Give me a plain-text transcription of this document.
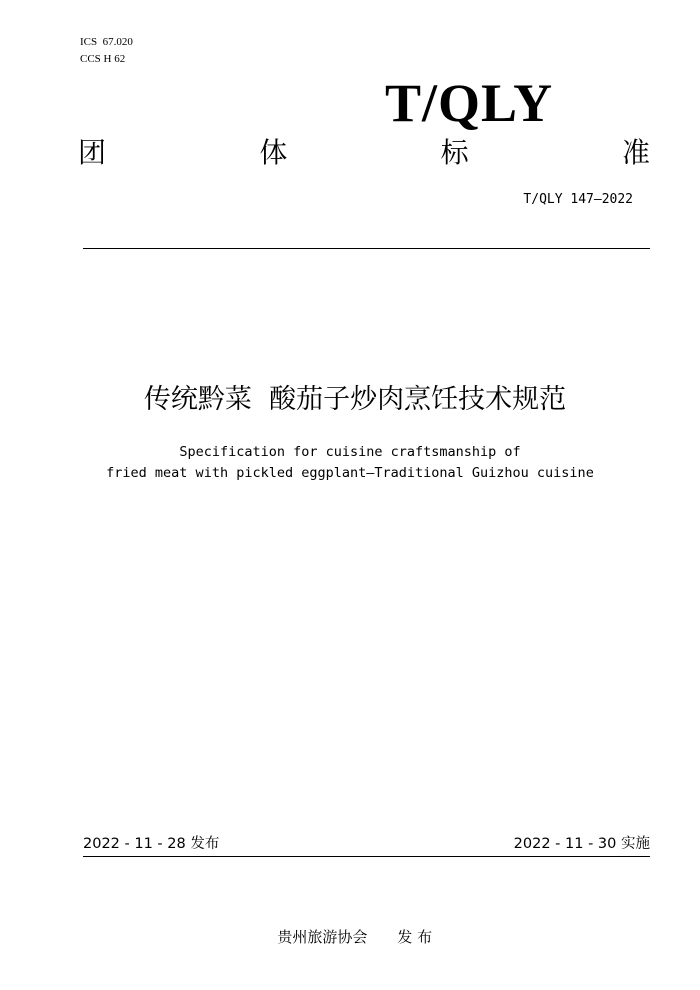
ICS  67.020
CCS H 62
T/QLY
团	体	标	准
T/QLY 147—2022
传统黔菜  酸茄子炒肉烹饪技术规范
Specification for cuisine craftsmanship of
fried meat with pickled eggplant—Traditional Guizhou cuisine
2022 - 11 - 28 发布	2022 - 11 - 30 实施

贵州旅游协会 发 布
